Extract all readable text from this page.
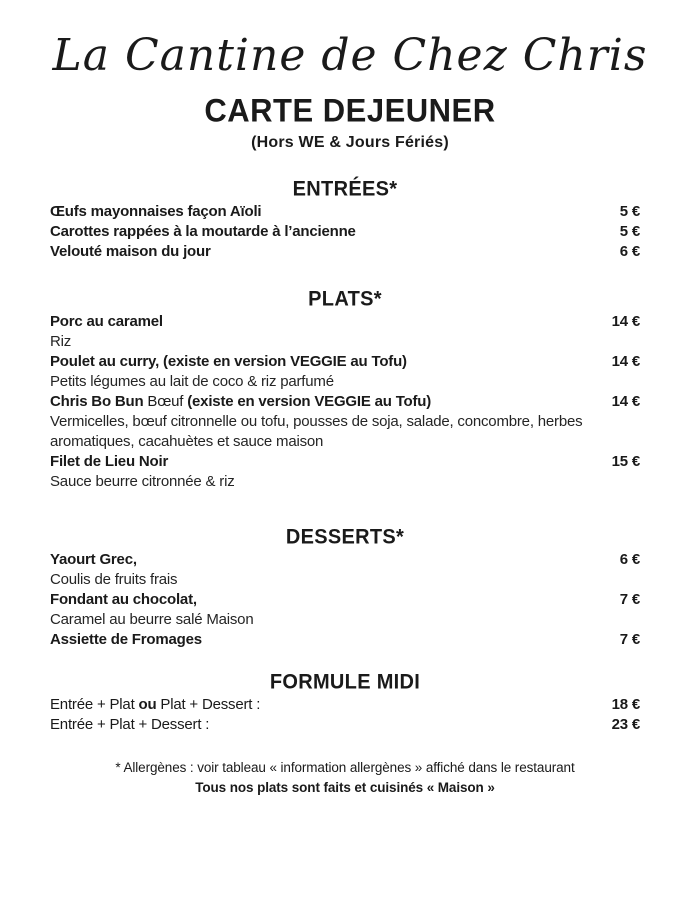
La Cantine de Chez Chris
CARTE DEJEUNER
(Hors WE & Jours Fériés)
ENTRÉES*
Œufs mayonnaises façon Aïoli	5 €
Carottes rappées à la moutarde à l’ancienne	5 €
Velouté maison du jour	6 €
PLATS*
Porc au caramel	14 €
Riz
Poulet au curry, (existe en version VEGGIE au Tofu)	14 €
Petits légumes au lait de coco & riz parfumé
Chris Bo Bun Bœuf (existe en version VEGGIE au Tofu)	14 €
Vermicelles, bœuf citronnelle ou tofu, pousses de soja, salade, concombre, herbes
aromatiques, cacahuètes et sauce maison
Filet de Lieu Noir	15 €
Sauce beurre citronnée & riz
DESSERTS*
Yaourt Grec,	6 €
Coulis de fruits frais
Fondant au chocolat,	7 €
Caramel au beurre salé Maison
Assiette de Fromages	7 €
FORMULE MIDI
Entrée + Plat ou Plat + Dessert :	18 €
Entrée + Plat + Dessert :	23 €
* Allergènes : voir tableau « information allergènes » affiché dans le restaurant
Tous nos plats sont faits et cuisinés « Maison »
